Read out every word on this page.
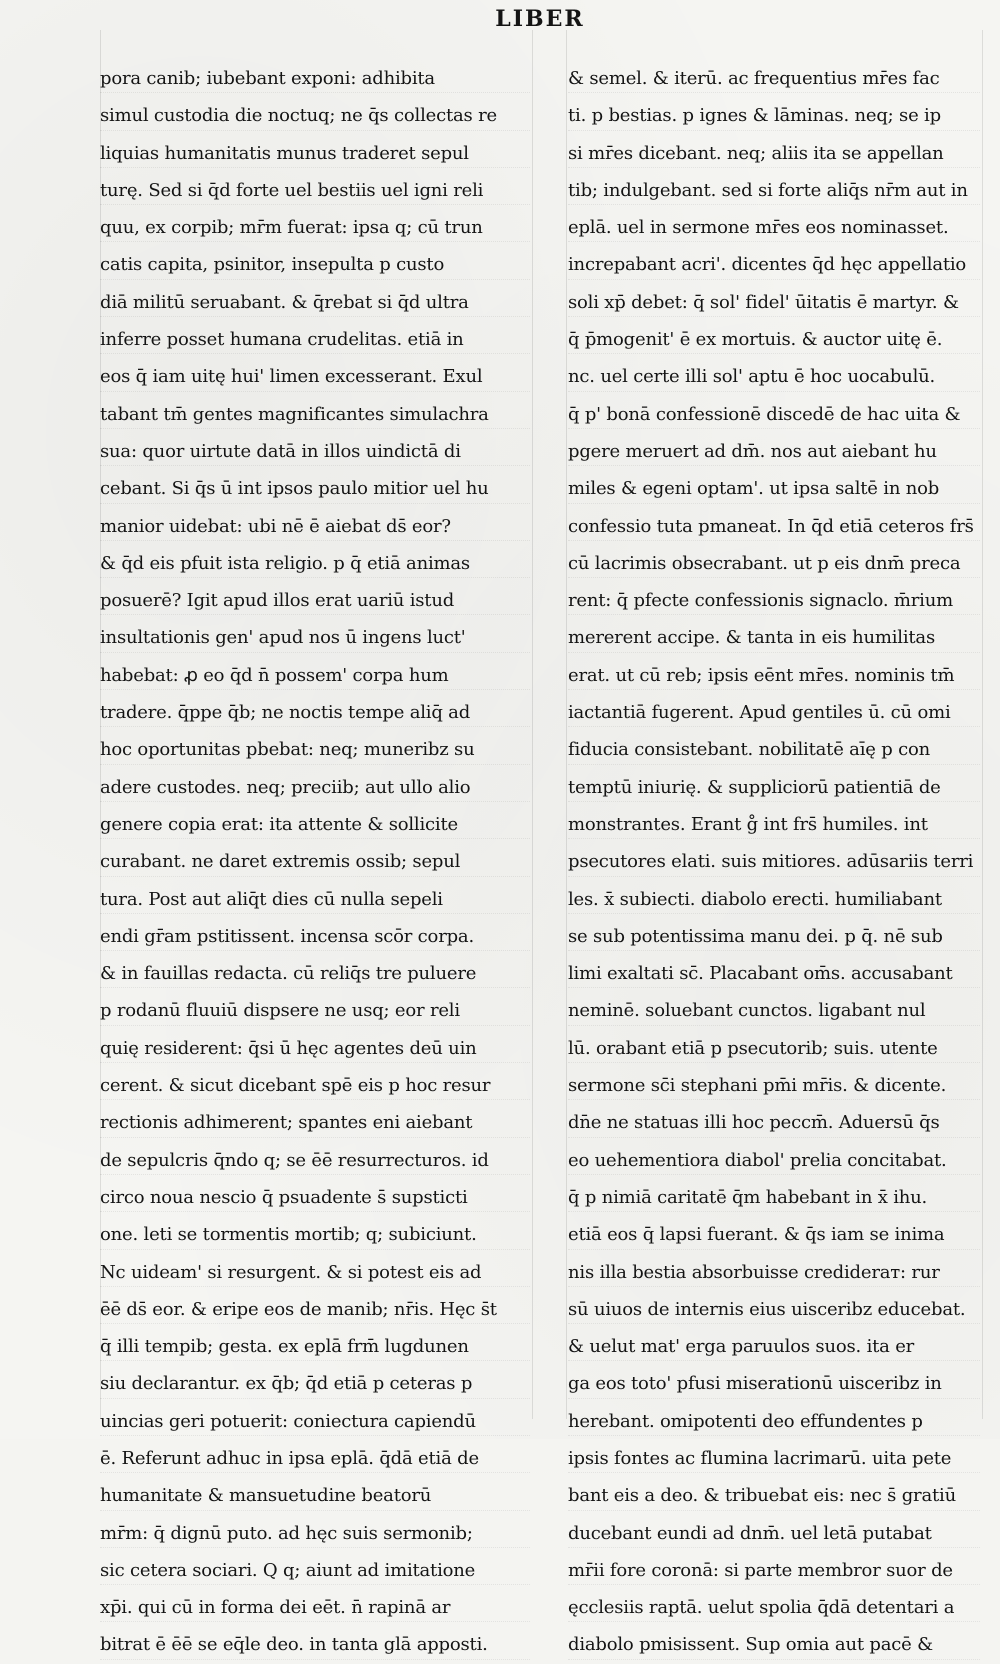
LIBER
pora canib; iubebant exponi: adhibita
simul custodia die noctuq; ne q̄s collectas re
liquias humanitatis munus traderet sepul
turę. Sed si q̄d forte uel bestiis uel igni reli
quu, ex corpib; mr̄m fuerat: ipsa q; cū trun
catis capita, psinitor, insepulta p custo
diā militū seruabant. & q̄rebat si q̄d ultra
inferre posset humana crudelitas. etiā in
eos q̄ iam uitę hui' limen excesserant. Exul
tabant tm̄ gentes magnificantes simulachra
sua: quor uirtute datā in illos uindictā di
cebant. Si q̄s ū int ipsos paulo mitior uel hu
manior uidebat: ubi nē ē aiebat ds̄ eor?
& q̄d eis pfuit ista religio. p q̄ etiā animas
posuerē? Igit apud illos erat uariū istud
insultationis gen' apud nos ū ingens luct'
habebat: ꝓ eo q̄d n̄ possem' corpa hum
tradere. q̄ppe q̄b; ne noctis tempe aliq̄ ad
hoc oportunitas pbebat: neq; muneribz su
adere custodes. neq; preciib; aut ullo alio
genere copia erat: ita attente & sollicite
curabant. ne daret extremis ossib; sepul
tura. Post aut aliq̄t dies cū nulla sepeli
endi gr̄am pstitissent. incensa scōr corpa.
& in fauillas redacta. cū reliq̄s tre puluere
p rodanū fluuiū dispsere ne usq; eor reli
quię residerent: q̄si ū hęc agentes deū uin
cerent. & sicut dicebant spē eis p hoc resur
rectionis adhimerent; spantes eni aiebant
de sepulcris q̄ndo q; se ēē resurrecturos. id
circo noua nescio q̄ psuadente s̄ supsticti
one. leti se tormentis mortib; q; subiciunt.
Nc uideam' si resurgent. & si potest eis ad
ēē ds̄ eor. & eripe eos de manib; nr̄is. Hęc s̄t
q̄ illi tempib; gesta. ex eplā frm̄ lugdunen
siu declarantur. ex q̄b; q̄d etiā p ceteras p
uincias geri potuerit: coniectura capiendū
ē. Referunt adhuc in ipsa eplā. q̄dā etiā de
humanitate & mansuetudine beatorū
mr̄m: q̄ dignū puto. ad hęc suis sermonib;
sic cetera sociari. Q q; aiunt ad imitatione
xp̄i. qui cū in forma dei eēt. n̄ rapinā ar
bitrat ē ēē se eq̄le deo. in tanta glā apposti.
& semel. & iterū. ac frequentius mr̄es fac
ti. p bestias. p ignes & lāminas. neq; se ip
si mr̄es dicebant. neq; aliis ita se appellan
tib; indulgebant. sed si forte aliq̄s nr̄m aut in
eplā. uel in sermone mr̄es eos nominasset.
increpabant acri'. dicentes q̄d hęc appellatio
soli xp̄ debet: q̄ sol' fidel' ūitatis ē martyr. &
q̄ p̄mogenit' ē ex mortuis. & auctor uitę ē.
nc. uel certe illi sol' aptu ē hoc uocabulū.
q̄ p' bonā confessionē discedē de hac uita &
pgere meruert ad dm̄. nos aut aiebant hu
miles & egeni optam'. ut ipsa saltē in nob
confessio tuta pmaneat. In q̄d etiā ceteros frs̄
cū lacrimis obsecrabant. ut p eis dnm̄ preca
rent: q̄ pfecte confessionis signaclo. m̄rium
mererent accipe. & tanta in eis humilitas
erat. ut cū reb; ipsis eēnt mr̄es. nominis tm̄
iactantiā fugerent. Apud gentiles ū. cū omi
fiducia consistebant. nobilitatē aīę p con
temptū iniurię. & suppliciorū patientiā de
monstrantes. Erant g̊ int frs̄ humiles. int
psecutores elati. suis mitiores. adūsariis terri
les. x̄ subiecti. diabolo erecti. humiliabant
se sub potentissima manu dei. p q̄. nē sub
limi exaltati sc̄. Placabant om̄s. accusabant
neminē. soluebant cunctos. ligabant nul
lū. orabant etiā p psecutorib; suis. utente
sermone sc̄i stephani pm̄i mr̄is. & dicente.
dn̄e ne statuas illi hoc peccm̄. Aduersū q̄s
eo uehementiora diabol' prelia concitabat.
q̄ p nimiā caritatē q̄m habebant in x̄ ihu.
etiā eos q̄ lapsi fuerant. & q̄s iam se inima
nis illa bestia absorbuisse credideraт: rur
sū uiuos de internis eius uisceribz educebat.
& uelut mat' erga paruulos suos. ita er
ga eos toto' pfusi miserationū uisceribz in
herebant. omipotenti deo effundentes p
ipsis fontes ac flumina lacrimarū. uita pete
bant eis a deo. & tribuebat eis: nec s̄ gratiū
ducebant eundi ad dnm̄. uel letā putabat
mr̄ii fore coronā: si parte membror suor de
ęcclesiis raptā. uelut spolia q̄dā detentari a
diabolo pmisissent. Sup omia aut pacē &
